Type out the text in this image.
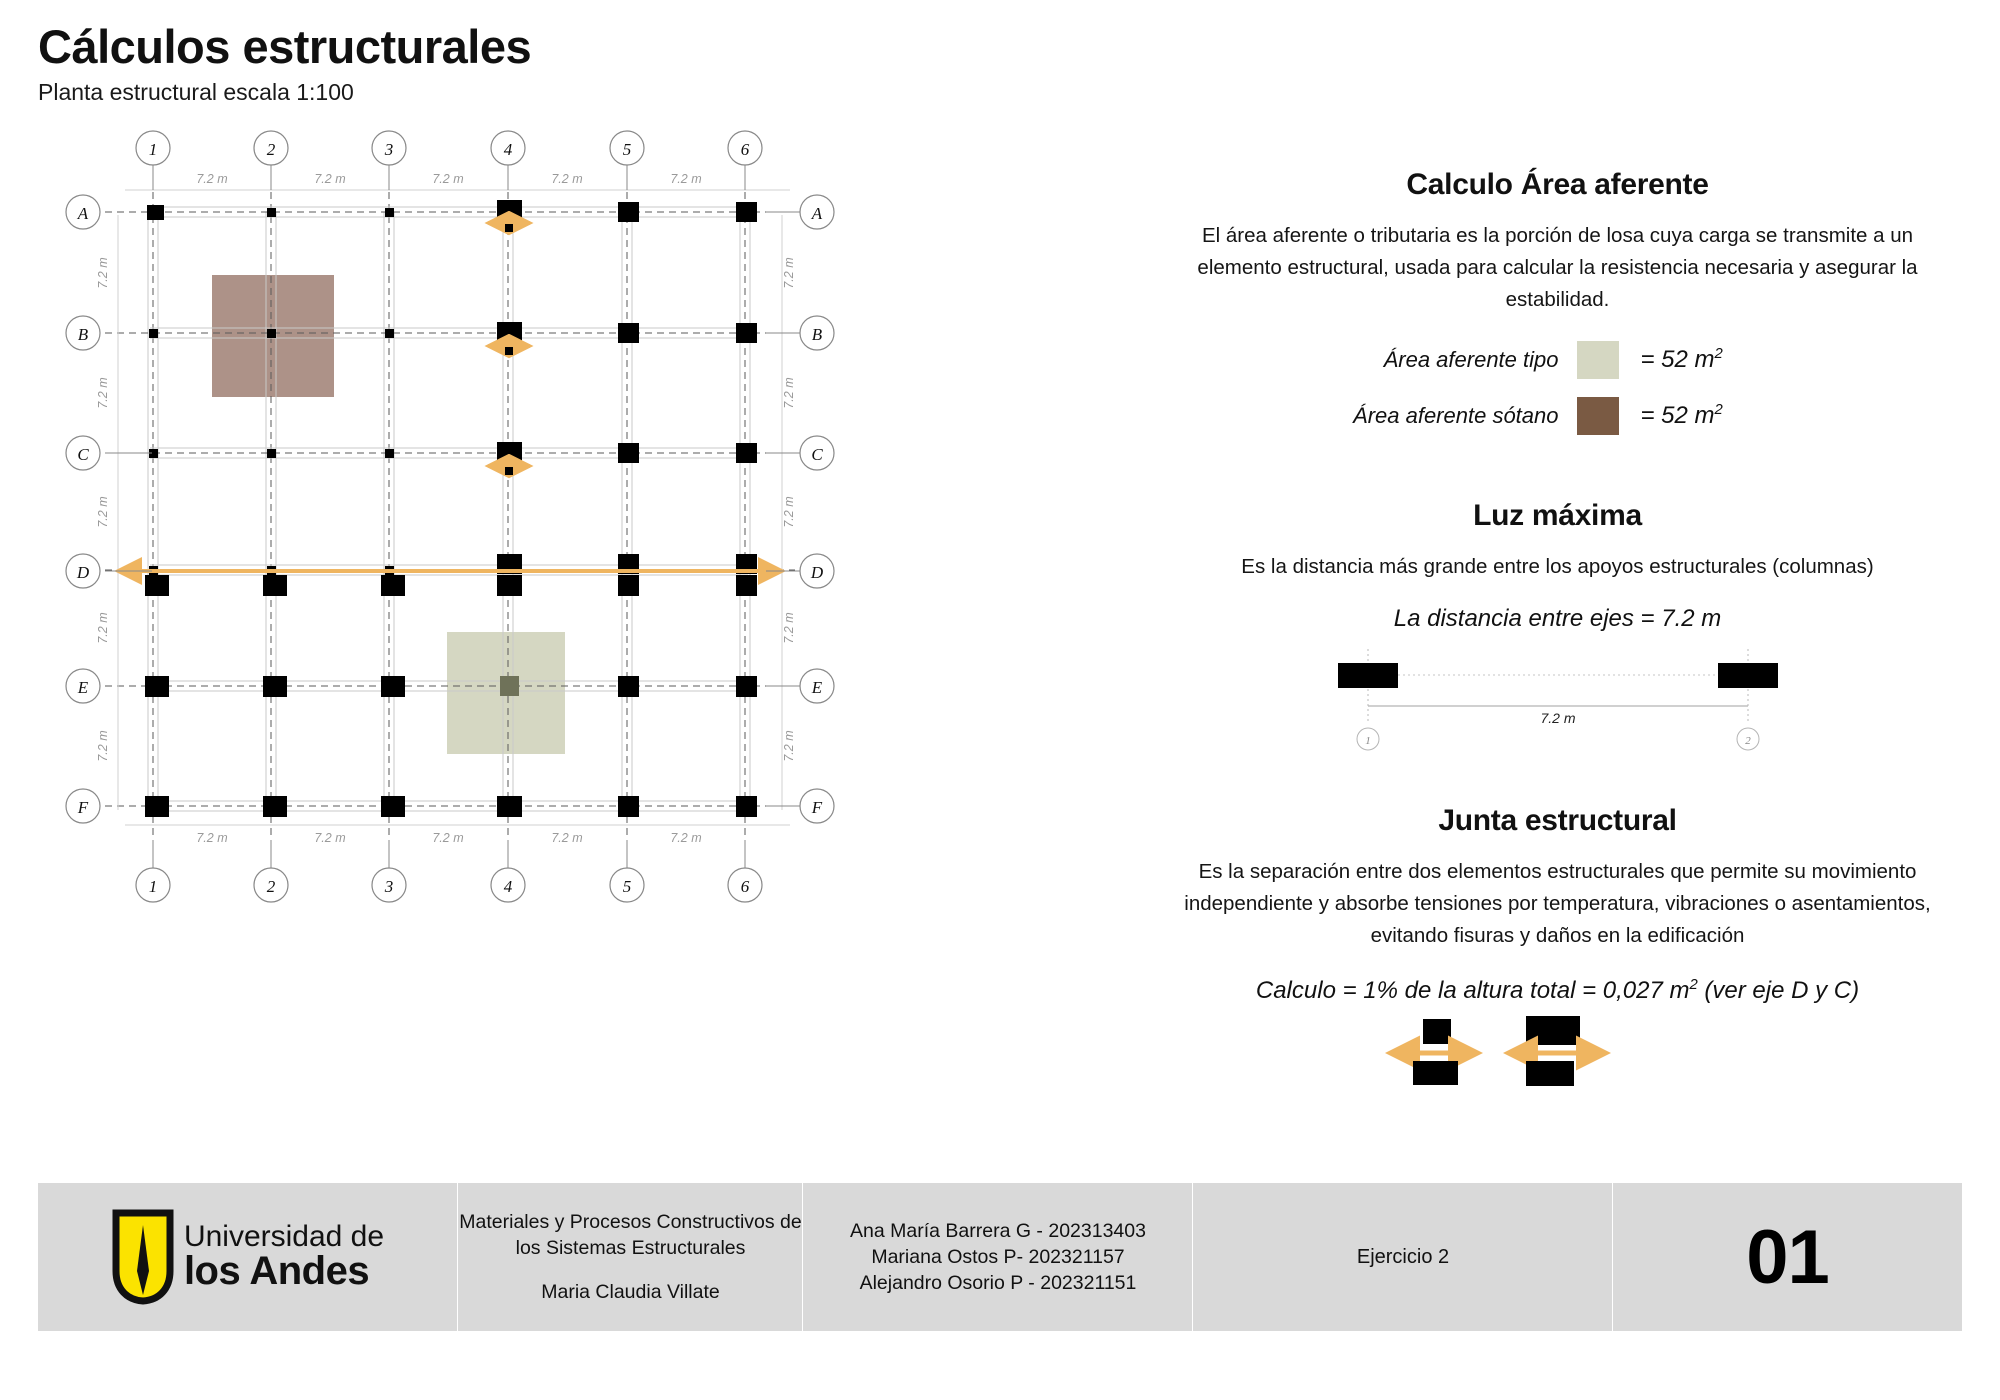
Cálculos estructurales
Planta estructural escala 1:100
1	2	3	4	5	6
1	2	3	4	5	6
A
B
C
D
E
F
A
B
C
D
E
F
7.2 m	7.2 m	7.2 m	7.2 m	7.2 m
7.2 m	7.2 m	7.2 m	7.2 m	7.2 m
7.2 m
7.2 m
7.2 m
7.2 m
7.2 m
7.2 m
7.2 m
7.2 m
7.2 m
7.2 m
Calculo Área aferente
El área aferente o tributaria es la porción de losa cuya carga se transmite a un elemento estructural, usada para calcular la resistencia necesaria y asegurar la estabilidad.
Área aferente tipo	= 52 $m^2$
Área aferente sótano	= 52 $m^2$
Luz máxima
Es la distancia más grande entre los apoyos estructurales (columnas)
La distancia entre ejes = 7.2 m
7.2 m
1	2
Junta estructural
Es la separación entre dos elementos estructurales que permite su movimiento independiente y absorbe tensiones por temperatura, vibraciones o asentamientos, evitando fisuras y daños en la edificación
Calculo = 1% de la altura total = 0,027 $m^2$ (ver eje D y C)
Universidad de
los Andes
Materiales y Procesos Constructivos de los Sistemas Estructurales
Maria Claudia Villate
Ana María Barrera G - 202313403
Mariana Ostos P- 202321157
Alejandro Osorio P - 202321151
Ejercicio 2	01
